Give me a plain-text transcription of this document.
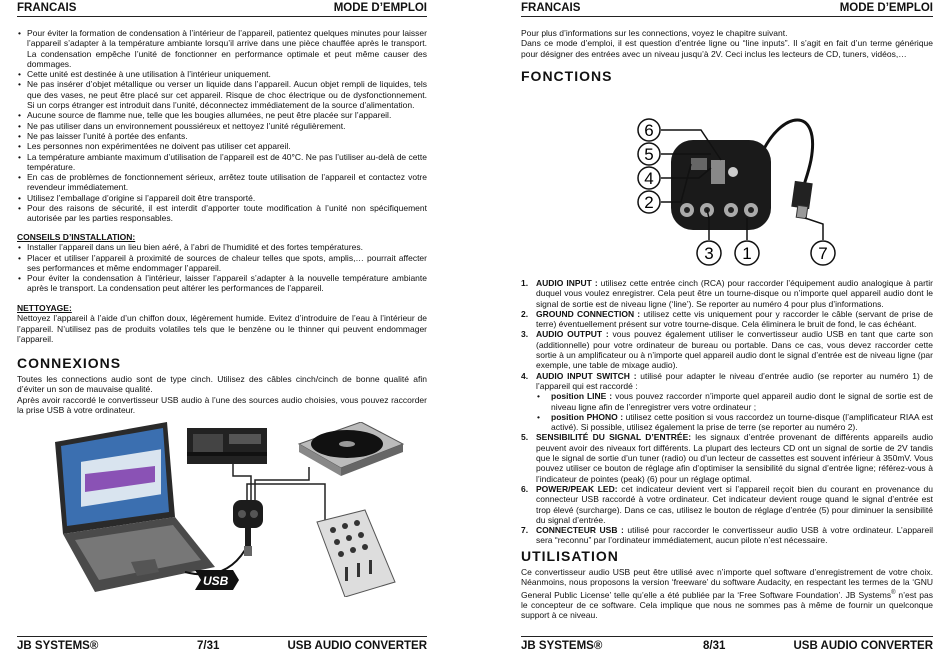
FRANCAIS	MODE D’EMPLOI
• Pour éviter la formation de condensation à l’intérieur de l’appareil, patientez quelques minutes pour laisser l’appareil s’adapter à la température ambiante lorsqu’il arrive dans une pièce chauffée après le transport. La condensation empêche l’unité de fonctionner en performance optimale et peut même causer des dommages.
• Cette unité est destinée à une utilisation à l’intérieur uniquement.
• Ne pas insérer d’objet métallique ou verser un liquide dans l’appareil. Aucun objet rempli de liquides, tels que des vases, ne peut être placé sur cet appareil. Risque de choc électrique ou de dysfonctionnement. Si un corps étranger est introduit dans l’unité, déconnectez immédiatement de la source d’alimentation.
• Aucune source de flamme nue, telle que les bougies allumées, ne peut être placée sur l’appareil.
• Ne pas utiliser dans un environnement poussiéreux et nettoyez l’unité régulièrement.
• Ne pas laisser l’unité à portée des enfants.
• Les personnes non expérimentées ne doivent pas utiliser cet appareil.
• La température ambiante maximum d’utilisation de l’appareil est de 40°C. Ne pas l’utiliser au-delà de cette température.
• En cas de problèmes de fonctionnement sérieux, arrêtez toute utilisation de l’appareil et contactez votre revendeur immédiatement.
• Utilisez l’emballage d’origine si l’appareil doit être transporté.
• Pour des raisons de sécurité, il est interdit d’apporter toute modification à l’unité non spécifiquement autorisée par les parties responsables.
CONSEILS D’INSTALLATION:
• Installer l’appareil dans un lieu bien aéré, à l’abri de l’humidité et des fortes températures.
• Placer et utiliser l’appareil à proximité de sources de chaleur telles que spots, amplis,… pourrait affecter ses performances et même endommager l’appareil.
• Pour éviter la condensation à l’intérieur, laisser l’appareil s’adapter à la nouvelle température ambiante après le transport. La condensation peut altérer les performances de l’appareil.
NETTOYAGE:
Nettoyez l’appareil à l’aide d’un chiffon doux, légèrement humide. Evitez d’introduire de l’eau à l’intérieur de l’appareil. N’utilisez pas de produits volatiles tels que le benzène ou le thinner qui peuvent endommager l’appareil.
CONNEXIONS
Toutes les connections audio sont de type cinch. Utilisez des câbles cinch/cinch de bonne qualité afin d’éviter un son de mauvaise qualité.
Après avoir raccordé le convertisseur USB audio à l’une des sources audio choisies, vous pouvez raccorder la prise USB à votre ordinateur.
USB
JB SYSTEMS®	7/31	USB AUDIO CONVERTER
FRANCAIS	MODE D’EMPLOI
Pour plus d’informations sur les connections, voyez le chapitre suivant.
Dans ce mode d’emploi, il est question d’entrée ligne ou “line inputs”. Il s’agit en fait d’un terme générique pour désigner des entrées avec un niveau jusqu’à 2V. Ceci inclus les lecteurs de CD, tuners, vidéos,…
FONCTIONS
6
5
4
2
3 1	7
1. AUDIO INPUT : utilisez cette entrée cinch (RCA) pour raccorder l’équipement audio analogique à partir duquel vous voulez enregistrer. Cela peut être un tourne-disque ou n’importe quel appareil audio dont le signal de sortie est de niveau ligne (‘line’). Se reporter au numéro 4 pour plus d’informations.
2. GROUND CONNECTION : utilisez cette vis uniquement pour y raccorder le câble (servant de prise de terre) éventuellement présent sur votre tourne-disque. Cela éliminera le bruit de fond, le cas échéant.
3. AUDIO OUTPUT : vous pouvez également utiliser le convertisseur audio USB en tant que carte son (additionnelle) pour votre ordinateur de bureau ou portable. Dans ce cas, vous devez raccorder cette sortie à un amplificateur ou à n’importe quel appareil audio dont le signal d’entrée est de niveau ligne (par exemple, une table de mixage audio).
4. AUDIO INPUT SWITCH : utilisé pour adapter le niveau d’entrée audio (se reporter au numéro 1) de l’appareil qui est raccordé :
• position LINE : vous pouvez raccorder n’importe quel appareil audio dont le signal de sortie est de niveau ligne afin de l’enregistrer vers votre ordinateur ;
• position PHONO : utilisez cette position si vous raccordez un tourne-disque (l’amplificateur RIAA est activé). Si possible, utilisez également la prise de terre (se reporter au numéro 2).
5. SENSIBILITÉ DU SIGNAL D’ENTRÉE: les signaux d’entrée provenant de différents appareils audio peuvent avoir des niveaux fort différents. La plupart des lecteurs CD ont un signal de sortie de 2V tandis que le signal de sortie d’un tuner (radio) ou d’un lecteur de cassettes est souvent inférieur à 350mV. Vous pouvez utiliser ce bouton de réglage afin d’optimiser la sensibilité du signal d’entrée ligne; référez-vous à l’indicateur de pointes (peak) (6) pour un réglage optimal.
6. POWER/PEAK LED: cet indicateur devient vert si l’appareil reçoit bien du courant en provenance du connecteur USB raccordé à votre ordinateur. Cet indicateur devient rouge quand le signal d’entrée est trop élevé (surcharge). Dans ce cas, utilisez le bouton de réglage d’entrée (5) pour diminuer la sensibilité du signal d’entrée.
7. CONNECTEUR USB : utilisé pour raccorder le convertisseur audio USB à votre ordinateur. L’appareil sera “reconnu” par l’ordinateur immédiatement, aucun pilote n’est nécessaire.
UTILISATION
Ce convertisseur audio USB peut être utilisé avec n’importe quel software d’enregistrement de votre choix. Néanmoins, nous proposons la version ‘freeware’ du software Audacity, en respectant les termes de la ‘GNU General Public License’ telle qu’elle a été publiée par la ‘Free Software Foundation’. JB Systems® n’est pas le concepteur de ce software. Cela implique que nous ne sommes pas à même de fournir un quelconque support à ce niveau.
JB SYSTEMS®	8/31	USB AUDIO CONVERTER
